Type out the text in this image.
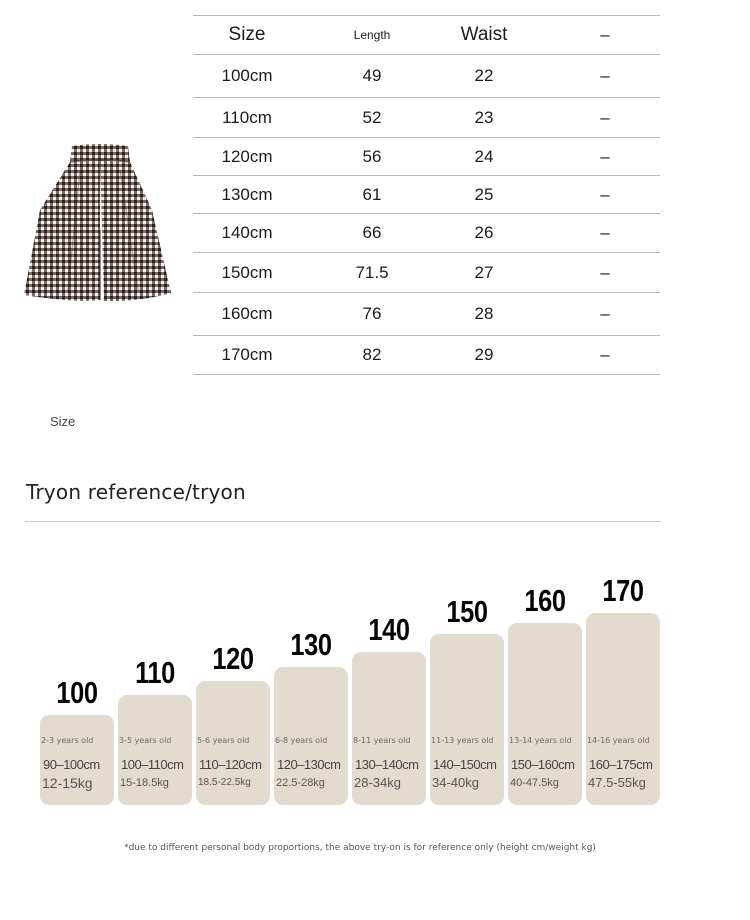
Size	Length	Waist	–
100cm	49	22	–
110cm	52	23	–
120cm	56	24	–
130cm	61	25	–
140cm	66	26	–
150cm	71.5	27	–
160cm	76	28	–
170cm	82	29	–
Size
Tryon reference/tryon
100
2-3 years old
90–100cm
12-15kg
110
3-5 years old
100–110cm
15-18.5kg
120
5-6 years old
110–120cm
18.5-22.5kg
130
6-8 years old
120–130cm
22.5-28kg
140
8-11 years old
130–140cm
28-34kg
150
11-13 years old
140–150cm
34-40kg
160
13-14 years old
150–160cm
40-47.5kg
170
14-16 years old
160–175cm
47.5-55kg
*due to different personal body proportions, the above try-on is for reference only (height cm/weight kg)
